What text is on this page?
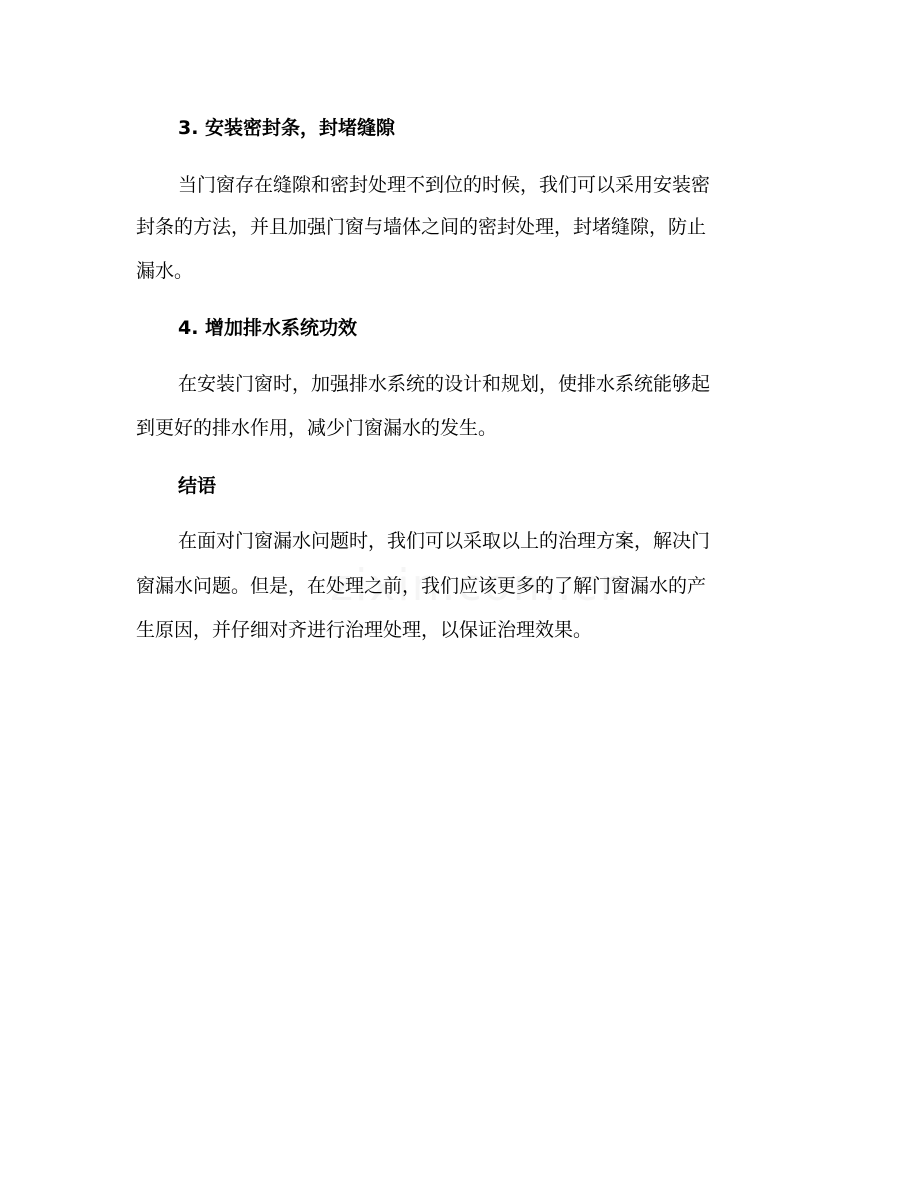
3. 安装密封条，封堵缝隙
当门窗存在缝隙和密封处理不到位的时候，我们可以采用安装密
封条的方法，并且加强门窗与墙体之间的密封处理，封堵缝隙，防止
漏水。
4. 增加排水系统功效
在安装门窗时，加强排水系统的设计和规划，使排水系统能够起
到更好的排水作用，减少门窗漏水的发生。
结语
在面对门窗漏水问题时，我们可以采取以上的治理方案，解决门
窗漏水问题。但是，在处理之前，我们应该更多的了解门窗漏水的产
生原因，并仔细对齐进行治理处理，以保证治理效果。
